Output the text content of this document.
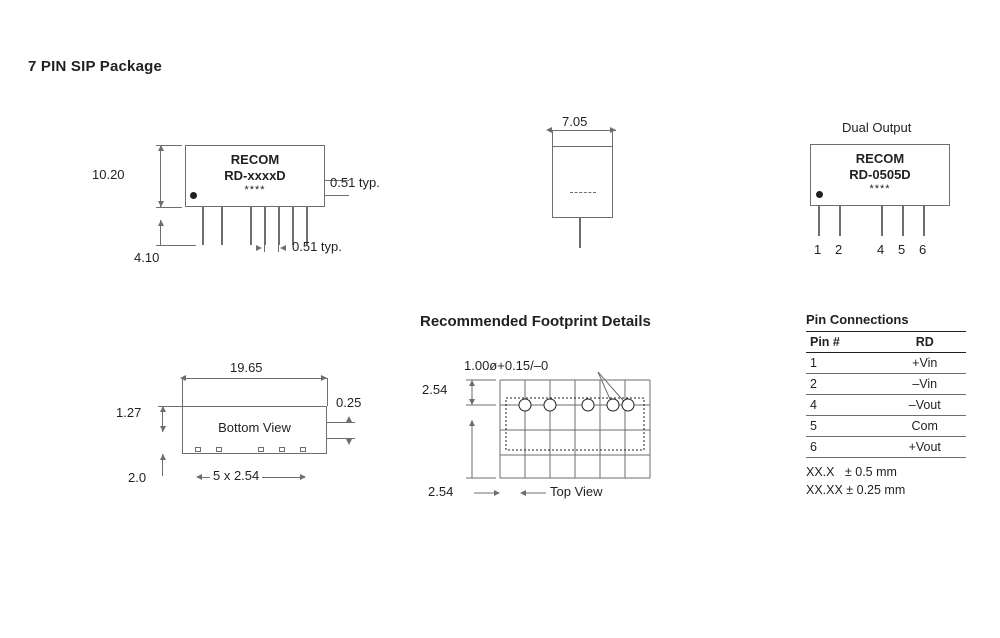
7 PIN SIP Package
RECOM
RD-xxxxD
****
10.20
0.51 typ.
4.10
0.51 typ.
7.05	Dual Output
RECOM
RD-0505D
****
1 2	4 5 6
Recommended Footprint Details
19.65
Bottom View
1.27
0.25
2.0	5 x 2.54
1.00ø+0.15/–0
2.54
2.54	Top View
Pin Connections
Pin #	RD
1	+Vin
2	–Vin
4	–Vout
5	Com
6	+Vout
XX.X   ± 0.5 mm
XX.XX ± 0.25 mm
